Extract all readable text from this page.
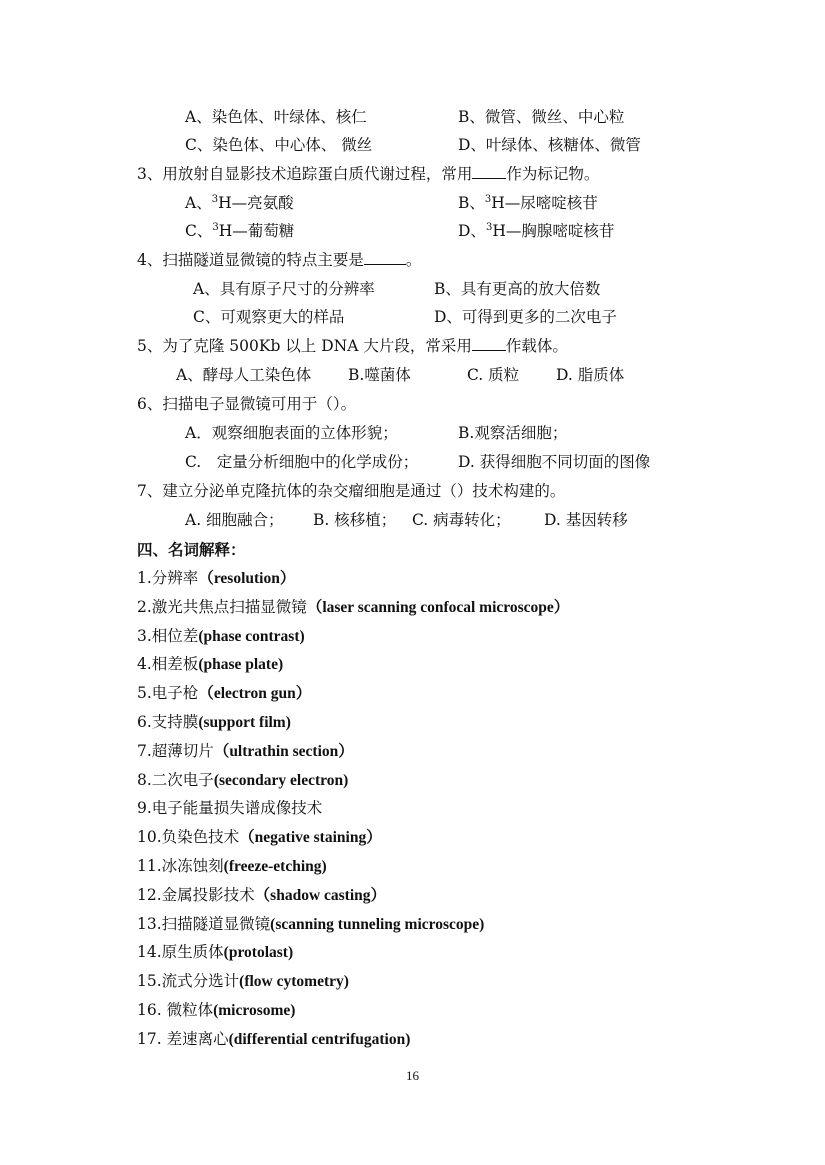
A、染色体、叶绿体、核仁	B、微管、微丝、中心粒
C、染色体、中心体、 微丝	D、叶绿体、核糖体、微管
3、用放射自显影技术追踪蛋白质代谢过程，常用 作为标记物。
A、$^3$H—亮氨酸	B、$^3$H—尿嘧啶核苷
C、$^3$H—葡萄糖	D、$^3$H—胸腺嘧啶核苷
4、扫描隧道显微镜的特点主要是	。
A、具有原子尺寸的分辨率	B、具有更高的放大倍数
C、可观察更大的样品	D、可得到更多的二次电子
5、为了克隆 500Kb 以上 DNA 大片段，常采用 作载体。
A、酵母人工染色体 B.噬菌体	C. 质粒 D. 脂质体
6、扫描电子显微镜可用于（）。
A．观察细胞表面的立体形貌；	B.观察活细胞；
C.　定量分析细胞中的化学成份；	D. 获得细胞不同切面的图像
7、建立分泌单克隆抗体的杂交瘤细胞是通过（）技术构建的。
A. 细胞融合； B. 核移植； C. 病毒转化； D. 基因转移
四、名词解释：
1.分辨率（resolution）
2.激光共焦点扫描显微镜（laser scanning confocal microscope）
3.相位差(phase contrast)
4.相差板(phase plate)
5.电子枪（electron gun）
6.支持膜(support film)
7.超薄切片（ultrathin section）
8.二次电子(secondary electron)
9.电子能量损失谱成像技术
10.负染色技术（negative staining）
11.冰冻蚀刻(freeze-etching)
12.金属投影技术（shadow casting）
13.扫描隧道显微镜(scanning tunneling microscope)
14.原生质体(protolast)
15.流式分选计(flow cytometry)
16. 微粒体(microsome)
17. 差速离心(differential centrifugation)
16
